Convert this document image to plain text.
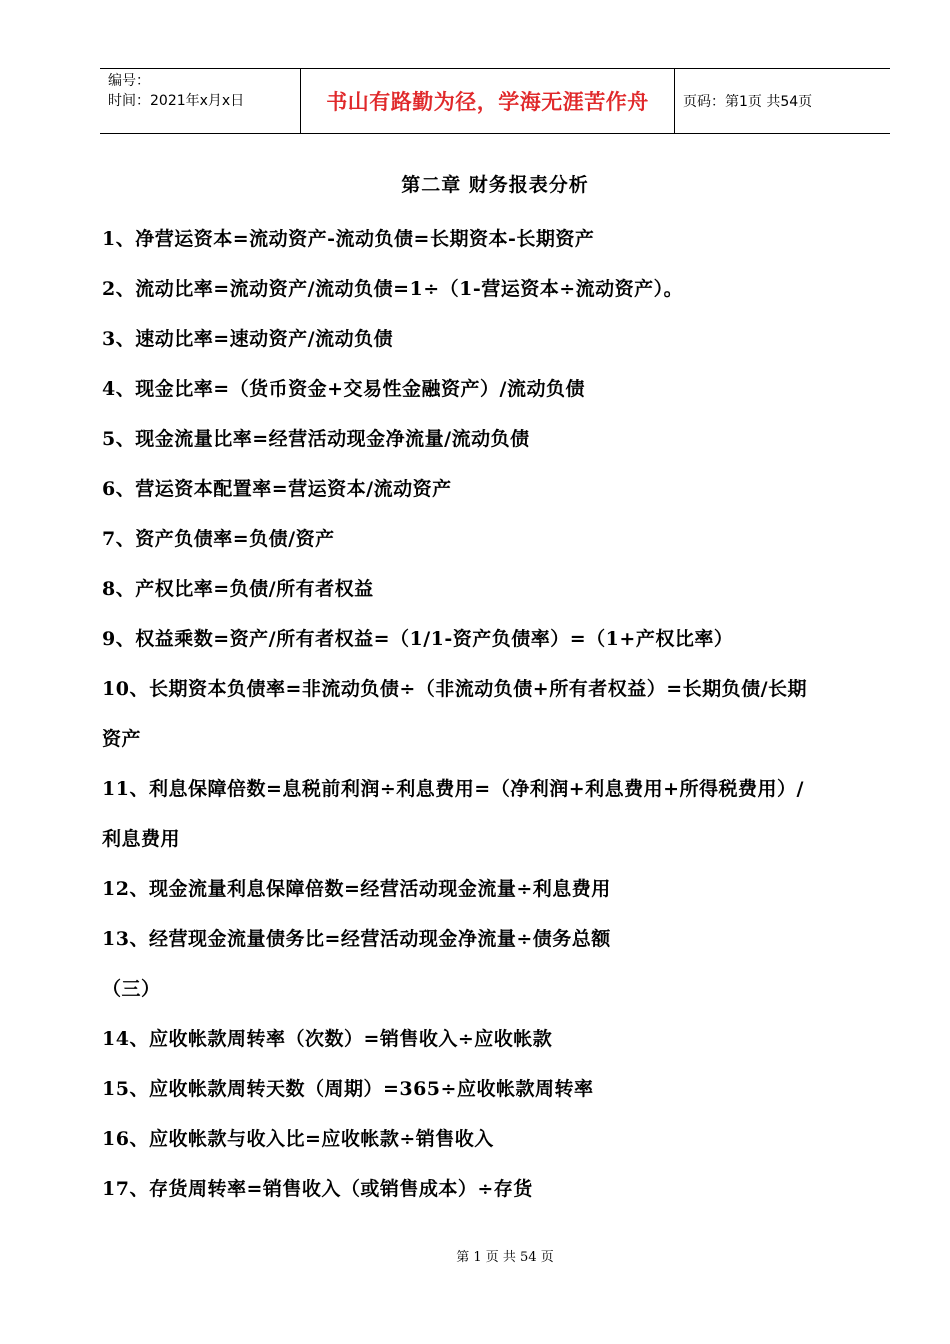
编号：
时间：2021年x月x日	书山有路勤为径，学海无涯苦作舟 页码：第1页 共54页
第二章 财务报表分析
1、净营运资本=流动资产-流动负债=长期资本-长期资产
2、流动比率=流动资产/流动负债=1÷（1-营运资本÷流动资产）。
3、速动比率=速动资产/流动负债
4、现金比率=（货币资金+交易性金融资产）/流动负债
5、现金流量比率=经营活动现金净流量/流动负债
6、营运资本配置率=营运资本/流动资产
7、资产负债率=负债/资产
8、产权比率=负债/所有者权益
9、权益乘数=资产/所有者权益=（1/1-资产负债率）=（1+产权比率）
10、长期资本负债率=非流动负债÷（非流动负债+所有者权益）=长期负债/长期
资产
11、利息保障倍数=息税前利润÷利息费用=（净利润+利息费用+所得税费用）/
利息费用
12、现金流量利息保障倍数=经营活动现金流量÷利息费用
13、经营现金流量债务比=经营活动现金净流量÷债务总额
（三）
14、应收帐款周转率（次数）=销售收入÷应收帐款
15、应收帐款周转天数（周期）=365÷应收帐款周转率
16、应收帐款与收入比=应收帐款÷销售收入
17、存货周转率=销售收入（或销售成本）÷存货
第 1 页 共 54 页
